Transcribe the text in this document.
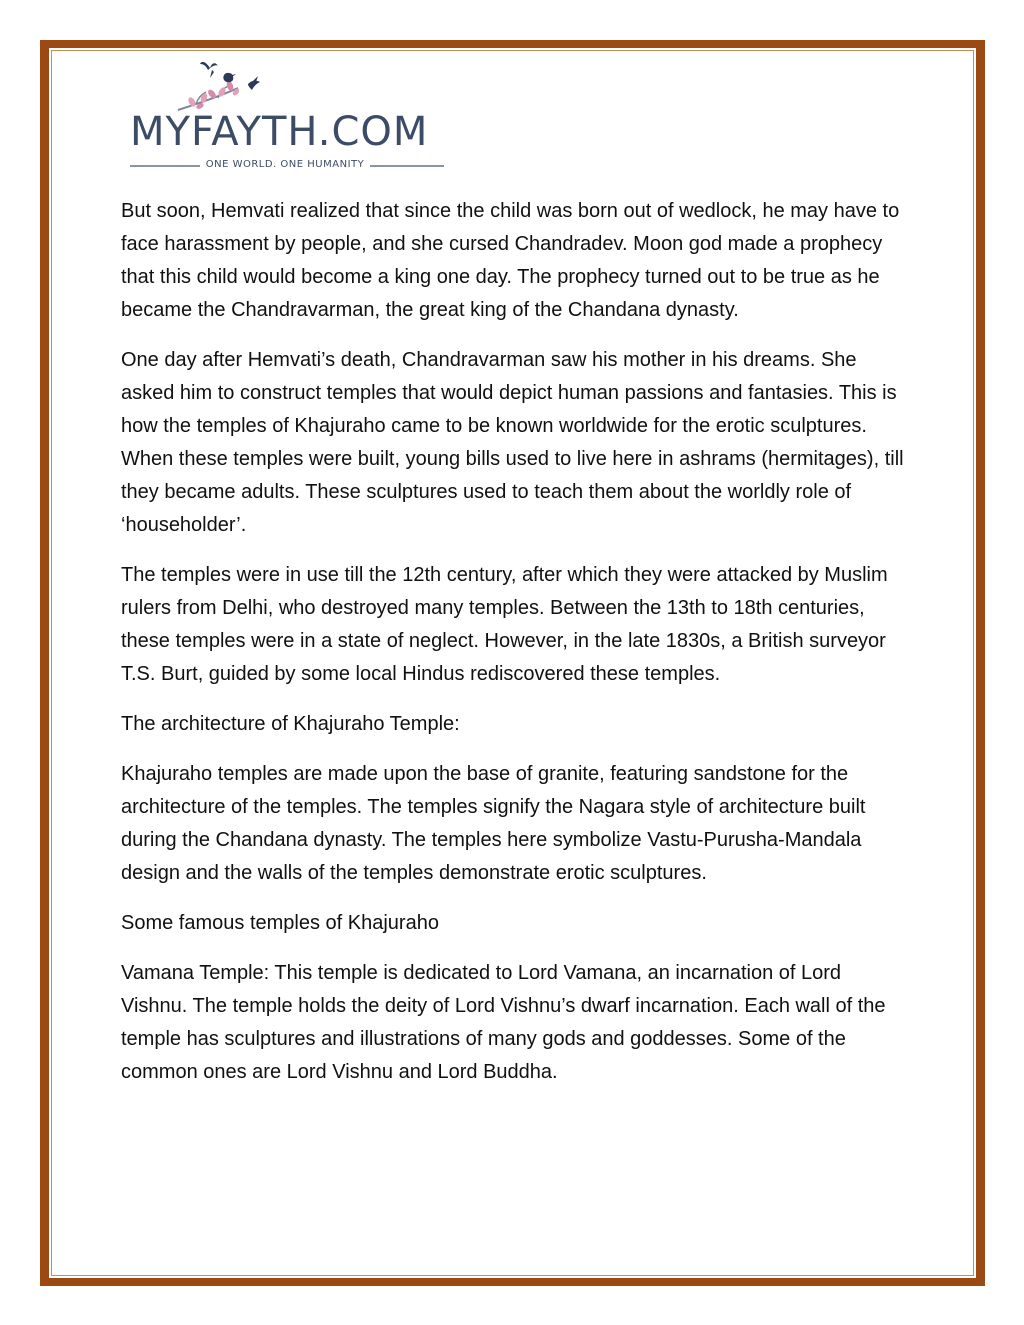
MYFAYTH.COM
ONE WORLD. ONE HUMANITY

But soon, Hemvati realized that since the child was born out of wedlock, he may have to face harassment by people, and she cursed Chandradev. Moon god made a prophecy that this child would become a king one day. The prophecy turned out to be true as he became the Chandravarman, the great king of the Chandana dynasty.

One day after Hemvati’s death, Chandravarman saw his mother in his dreams. She asked him to construct temples that would depict human passions and fantasies. This is how the temples of Khajuraho came to be known worldwide for the erotic sculptures. When these temples were built, young bills used to live here in ashrams (hermitages), till they became adults. These sculptures used to teach them about the worldly role of ‘householder’.

The temples were in use till the 12th century, after which they were attacked by Muslim rulers from Delhi, who destroyed many temples. Between the 13th to 18th centuries, these temples were in a state of neglect. However, in the late 1830s, a British surveyor T.S. Burt, guided by some local Hindus rediscovered these temples.

The architecture of Khajuraho Temple:

Khajuraho temples are made upon the base of granite, featuring sandstone for the architecture of the temples. The temples signify the Nagara style of architecture built during the Chandana dynasty. The temples here symbolize Vastu-Purusha-Mandala design and the walls of the temples demonstrate erotic sculptures.

Some famous temples of Khajuraho

Vamana Temple: This temple is dedicated to Lord Vamana, an incarnation of Lord Vishnu. The temple holds the deity of Lord Vishnu’s dwarf incarnation. Each wall of the temple has sculptures and illustrations of many gods and goddesses. Some of the common ones are Lord Vishnu and Lord Buddha.
